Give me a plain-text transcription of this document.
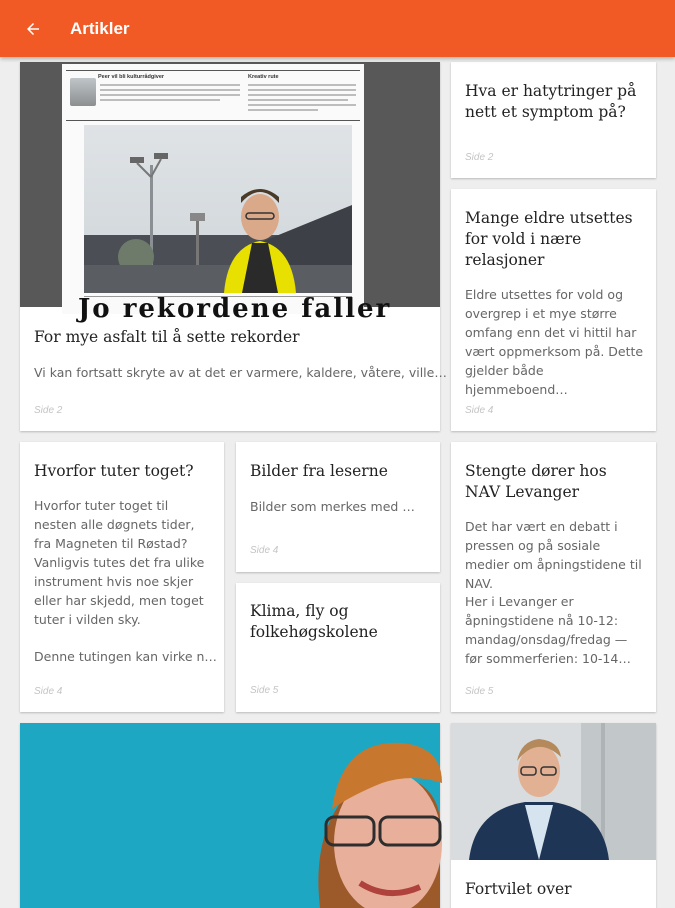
Artikler
Peer vil bli kulturrådgiver	Kreativ rute
Jo rekordene faller
For mye asfalt til å sette rekorder
Vi kan fortsatt skryte av at det er varmere, kaldere, våtere, ville…
Side 2
Hva er hatytringer på nett et symptom på?
Side 2
Mange eldre utsettes for vold i nære relasjoner
Eldre utsettes for vold og overgrep i et mye større omfang enn det vi hittil har vært oppmerksom på. Dette gjelder både hjemmeboend…
Side 4
Hvorfor tuter toget?
Hvorfor tuter toget til nesten alle døgnets tider, fra Magneten til Røstad? Vanligvis tutes det fra ulike instrument hvis noe skjer eller har skjedd, men toget tuter i vilden sky.
Denne tutingen kan virke n…
Side 4
Bilder fra leserne
Bilder som merkes med …
Side 4
Klima, fly og folkehøgskolene
Side 5
Stengte dører hos NAV Levanger
Det har vært en debatt i pressen og på sosiale medier om åpningstidene til NAV.
Her i Levanger er åpningstidene nå 10-12: mandag/onsdag/fredag — før sommerferien: 10-14…
Side 5
Fortvilet over
